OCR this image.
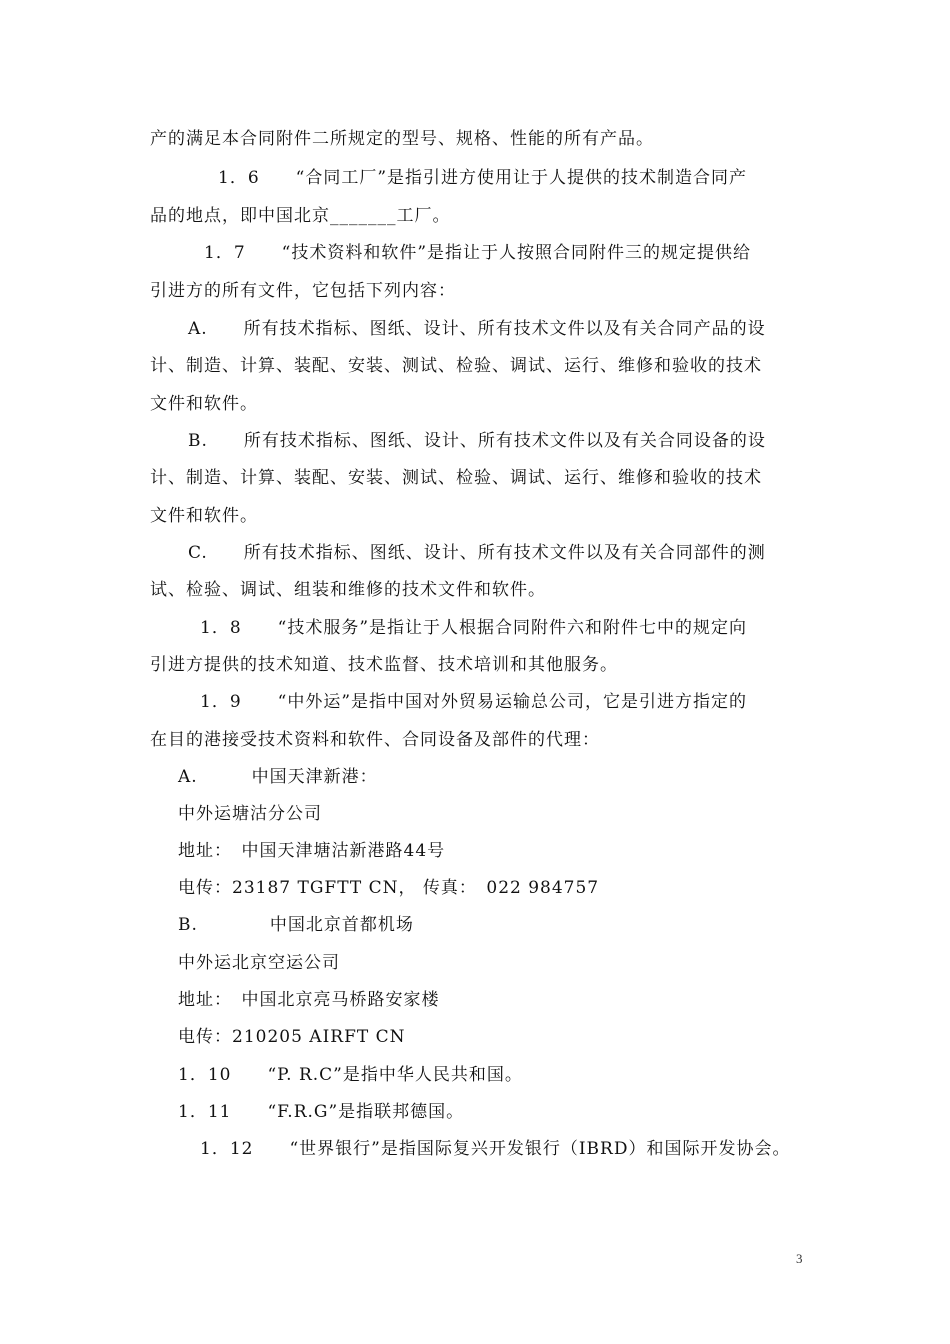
产的满足本合同附件二所规定的型号、规格、性能的所有产品。
1．6　　“合同工厂”是指引进方使用让于人提供的技术制造合同产
品的地点，即中国北京_______工厂。
1．7　　“技术资料和软件”是指让于人按照合同附件三的规定提供给
引进方的所有文件，它包括下列内容：
A.　　所有技术指标、图纸、设计、所有技术文件以及有关合同产品的设
计、制造、计算、装配、安装、测试、检验、调试、运行、维修和验收的技术
文件和软件。
B.　　所有技术指标、图纸、设计、所有技术文件以及有关合同设备的设
计、制造、计算、装配、安装、测试、检验、调试、运行、维修和验收的技术
文件和软件。
C.　　所有技术指标、图纸、设计、所有技术文件以及有关合同部件的测
试、检验、调试、组装和维修的技术文件和软件。
1．8　　“技术服务”是指让于人根据合同附件六和附件七中的规定向
引进方提供的技术知道、技术监督、技术培训和其他服务。
1．9　　“中外运”是指中国对外贸易运输总公司，它是引进方指定的
在目的港接受技术资料和软件、合同设备及部件的代理：
A.　　　中国天津新港：
中外运塘沽分公司
地址：　中国天津塘沽新港路44号
电传：23187 TGFTT CN， 传真：　022 984757
B.　　　　中国北京首都机场
中外运北京空运公司
地址：　中国北京亮马桥路安家楼
电传：210205 AIRFT CN
1．10　　“P. R.C”是指中华人民共和国。
1．11　　“F.R.G”是指联邦德国。
1．12　　“世界银行”是指国际复兴开发银行（IBRD）和国际开发协会。
3
